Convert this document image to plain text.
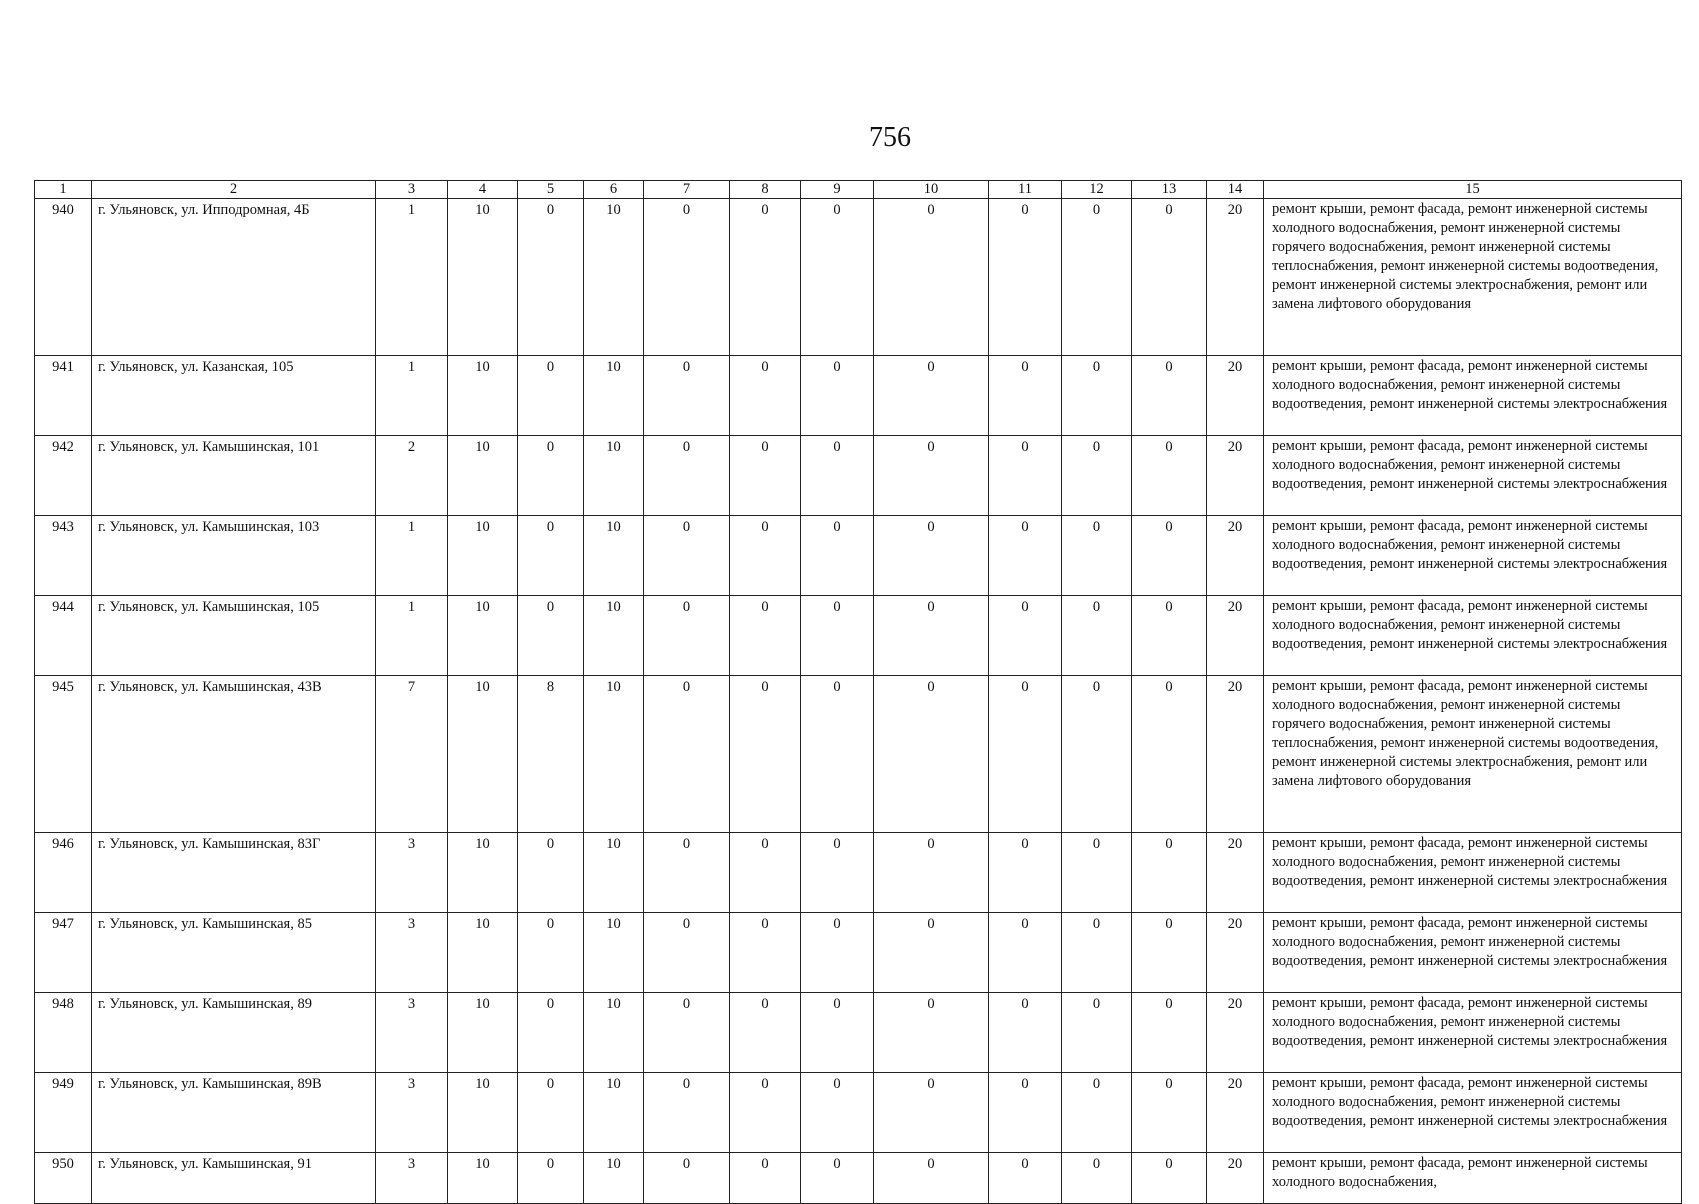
756
1	2	3	4	5	6	7	8	9	10	11	12	13	14	15
940	г. Ульяновск, ул. Ипподромная, 4Б	1	10	0	10	0	0	0	0	0	0	0	20	ремонт крыши, ремонт фасада, ремонт инженерной системы холодного водоснабжения, ремонт инженерной системы горячего водоснабжения, ремонт инженерной системы теплоснабжения, ремонт инженерной системы водоотведения, ремонт инженерной системы электроснабжения, ремонт или замена лифтового оборудования
941	г. Ульяновск, ул. Казанская, 105	1	10	0	10	0	0	0	0	0	0	0	20	ремонт крыши, ремонт фасада, ремонт инженерной системы холодного водоснабжения, ремонт инженерной системы водоотведения, ремонт инженерной системы электроснабжения
942	г. Ульяновск, ул. Камышинская, 101	2	10	0	10	0	0	0	0	0	0	0	20	ремонт крыши, ремонт фасада, ремонт инженерной системы холодного водоснабжения, ремонт инженерной системы водоотведения, ремонт инженерной системы электроснабжения
943	г. Ульяновск, ул. Камышинская, 103	1	10	0	10	0	0	0	0	0	0	0	20	ремонт крыши, ремонт фасада, ремонт инженерной системы холодного водоснабжения, ремонт инженерной системы водоотведения, ремонт инженерной системы электроснабжения
944	г. Ульяновск, ул. Камышинская, 105	1	10	0	10	0	0	0	0	0	0	0	20	ремонт крыши, ремонт фасада, ремонт инженерной системы холодного водоснабжения, ремонт инженерной системы водоотведения, ремонт инженерной системы электроснабжения
945	г. Ульяновск, ул. Камышинская, 43В	7	10	8	10	0	0	0	0	0	0	0	20	ремонт крыши, ремонт фасада, ремонт инженерной системы холодного водоснабжения, ремонт инженерной системы горячего водоснабжения, ремонт инженерной системы теплоснабжения, ремонт инженерной системы водоотведения, ремонт инженерной системы электроснабжения, ремонт или замена лифтового оборудования
946	г. Ульяновск, ул. Камышинская, 83Г	3	10	0	10	0	0	0	0	0	0	0	20	ремонт крыши, ремонт фасада, ремонт инженерной системы холодного водоснабжения, ремонт инженерной системы водоотведения, ремонт инженерной системы электроснабжения
947	г. Ульяновск, ул. Камышинская, 85	3	10	0	10	0	0	0	0	0	0	0	20	ремонт крыши, ремонт фасада, ремонт инженерной системы холодного водоснабжения, ремонт инженерной системы водоотведения, ремонт инженерной системы электроснабжения
948	г. Ульяновск, ул. Камышинская, 89	3	10	0	10	0	0	0	0	0	0	0	20	ремонт крыши, ремонт фасада, ремонт инженерной системы холодного водоснабжения, ремонт инженерной системы водоотведения, ремонт инженерной системы электроснабжения
949	г. Ульяновск, ул. Камышинская, 89В	3	10	0	10	0	0	0	0	0	0	0	20	ремонт крыши, ремонт фасада, ремонт инженерной системы холодного водоснабжения, ремонт инженерной системы водоотведения, ремонт инженерной системы электроснабжения
950	г. Ульяновск, ул. Камышинская, 91	3	10	0	10	0	0	0	0	0	0	0	20	ремонт крыши, ремонт фасада, ремонт инженерной системы холодного водоснабжения,
